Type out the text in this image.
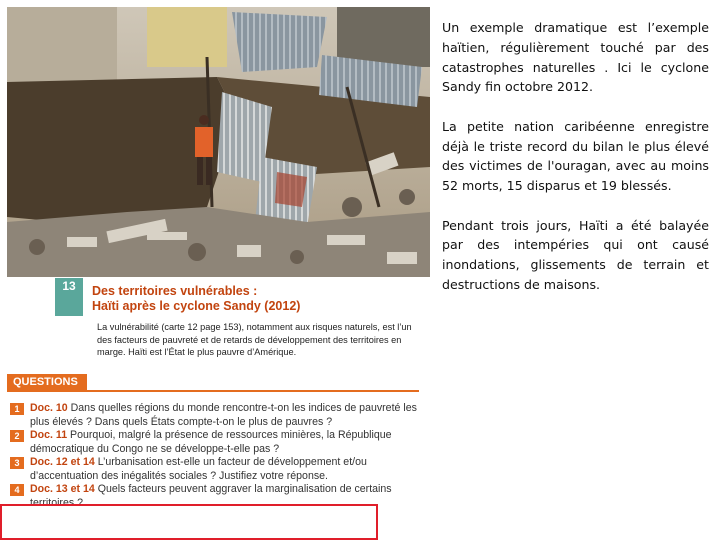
13	Des territoires vulnérables :
Haïti après le cyclone Sandy (2012)
La vulnérabilité (carte 12 page 153), notamment aux risques naturels, est l’un des facteurs de pauvreté et de retards de développement des territoires en marge. Haïti est l’État le plus pauvre d’Amérique.
QUESTIONS
1 Doc. 10 Dans quelles régions du monde rencontre-t-on les indices de pauvreté les plus élevés ? Dans quels États compte-t-on le plus de pauvres ?
2 Doc. 11 Pourquoi, malgré la présence de ressources minières, la République démocratique du Congo ne se développe-t-elle pas ?
3 Doc. 12 et 14 L’urbanisation est-elle un facteur de développement et/ou d’accentuation des inégalités sociales ? Justifiez votre réponse.
4 Doc. 13 et 14 Quels facteurs peuvent aggraver la marginalisation de certains territoires ?

Un exemple dramatique est l’exemple haïtien, régulièrement touché par des catastrophes naturelles . Ici le cyclone Sandy fin octobre 2012.

La petite nation caribéenne enregistre déjà le triste record du bilan le plus élevé des victimes de l'ouragan, avec au moins 52 morts, 15 disparus et 19 blessés.

Pendant trois jours, Haïti a été balayée par des intempéries qui ont causé inondations, glissements de terrain et destructions de maisons.
